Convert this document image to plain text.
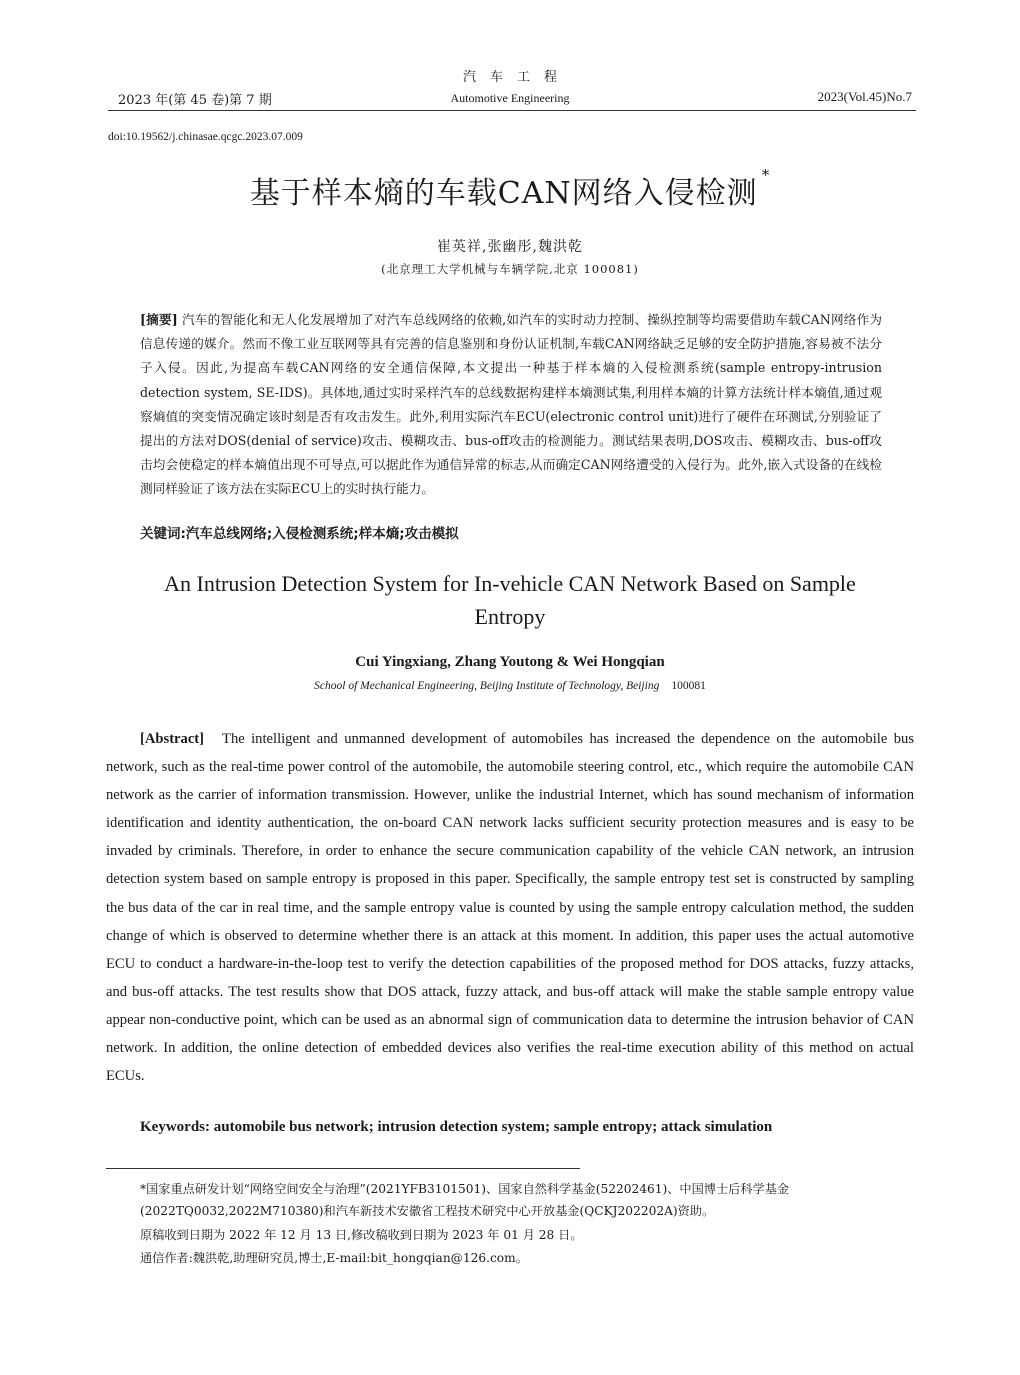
汽车工程
2023 年(第 45 卷)第 7 期	Automotive Engineering	2023(Vol.45)No.7
doi:10.19562/j.chinasae.qcgc.2023.07.009
基于样本熵的车载CAN网络入侵检测*
崔英祥,张幽彤,魏洪乾
(北京理工大学机械与车辆学院,北京 100081)
[摘要] 汽车的智能化和无人化发展增加了对汽车总线网络的依赖,如汽车的实时动力控制、操纵控制等均需要借助车载CAN网络作为信息传递的媒介。然而不像工业互联网等具有完善的信息鉴别和身份认证机制,车载CAN网络缺乏足够的安全防护措施,容易被不法分子入侵。因此,为提高车载CAN网络的安全通信保障,本文提出一种基于样本熵的入侵检测系统(sample entropy-intrusion detection system, SE-IDS)。具体地,通过实时采样汽车的总线数据构建样本熵测试集,利用样本熵的计算方法统计样本熵值,通过观察熵值的突变情况确定该时刻是否有攻击发生。此外,利用实际汽车ECU(electronic control unit)进行了硬件在环测试,分别验证了提出的方法对DOS(denial of service)攻击、模糊攻击、bus-off攻击的检测能力。测试结果表明,DOS攻击、模糊攻击、bus-off攻击均会使稳定的样本熵值出现不可导点,可以据此作为通信异常的标志,从而确定CAN网络遭受的入侵行为。此外,嵌入式设备的在线检测同样验证了该方法在实际ECU上的实时执行能力。
关键词:汽车总线网络;入侵检测系统;样本熵;攻击模拟
An Intrusion Detection System for In-vehicle CAN Network Based on Sample Entropy
Cui Yingxiang, Zhang Youtong & Wei Hongqian
School of Mechanical Engineering, Beijing Institute of Technology, Beijing 100081
[Abstract] The intelligent and unmanned development of automobiles has increased the dependence on the automobile bus network, such as the real-time power control of the automobile, the automobile steering control, etc., which require the automobile CAN network as the carrier of information transmission. However, unlike the industrial Internet, which has sound mechanism of information identification and identity authentication, the on-board CAN network lacks sufficient security protection measures and is easy to be invaded by criminals. Therefore, in order to enhance the secure communication capability of the vehicle CAN network, an intrusion detection system based on sample entropy is proposed in this paper. Specifically, the sample entropy test set is constructed by sampling the bus data of the car in real time, and the sample entropy value is counted by using the sample entropy calculation method, the sudden change of which is observed to determine whether there is an attack at this moment. In addition, this paper uses the actual automotive ECU to conduct a hardware-in-the-loop test to verify the detection capabilities of the proposed method for DOS attacks, fuzzy attacks, and bus-off attacks. The test results show that DOS attack, fuzzy attack, and bus-off attack will make the stable sample entropy value appear non-conductive point, which can be used as an abnormal sign of communication data to determine the intrusion behavior of CAN network. In addition, the online detection of embedded devices also verifies the real-time execution ability of this method on actual ECUs.
Keywords: automobile bus network; intrusion detection system; sample entropy; attack simulation
*国家重点研发计划“网络空间安全与治理”(2021YFB3101501)、国家自然科学基金(52202461)、中国博士后科学基金(2022TQ0032,2022M710380)和汽车新技术安徽省工程技术研究中心开放基金(QCKJ202202A)资助。
原稿收到日期为 2022 年 12 月 13 日,修改稿收到日期为 2023 年 01 月 28 日。
通信作者:魏洪乾,助理研究员,博士,E-mail:bit_hongqian@126.com。
